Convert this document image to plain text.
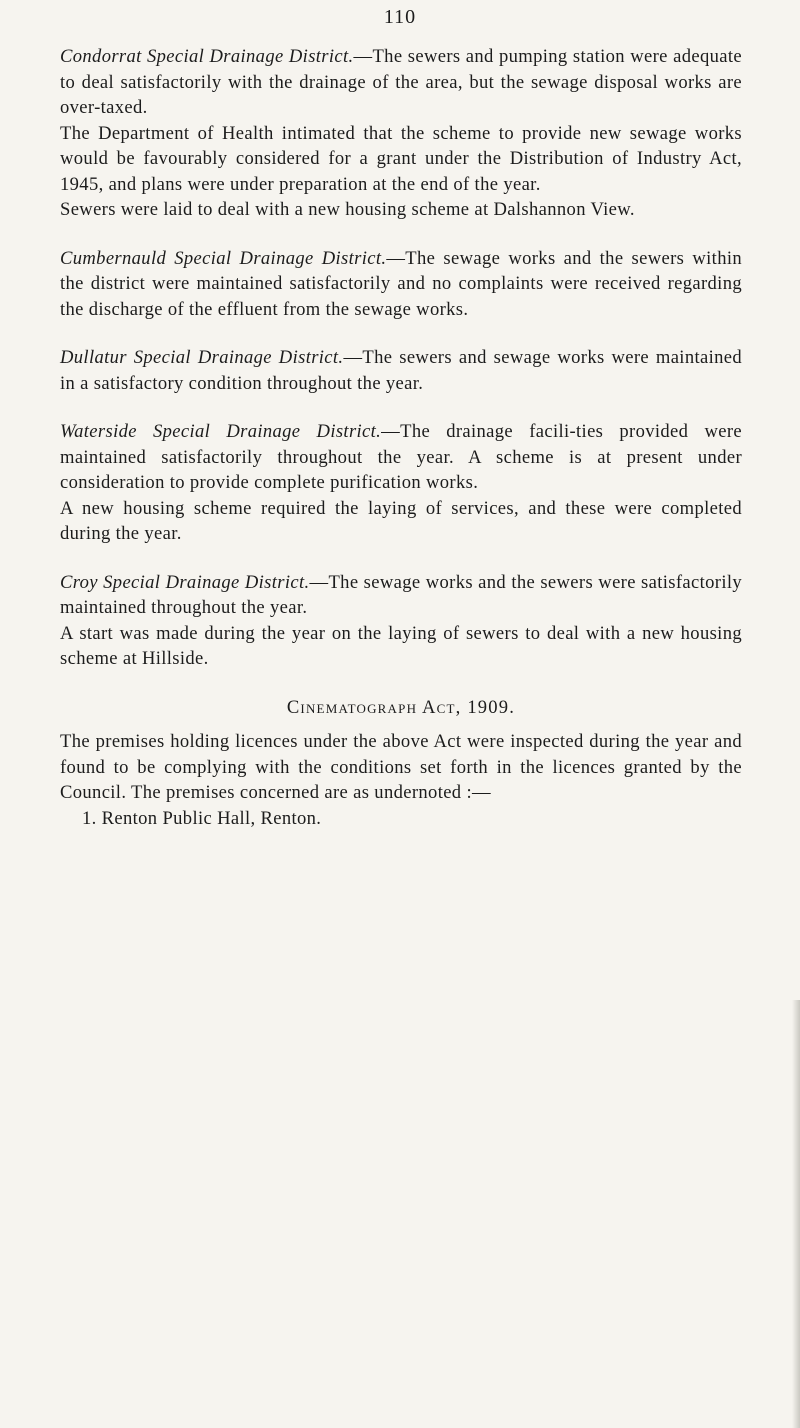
110

Condorrat Special Drainage District.—The sewers and pumping station were adequate to deal satisfactorily with the drainage of the area, but the sewage disposal works are over-taxed.

The Department of Health intimated that the scheme to provide new sewage works would be favourably considered for a grant under the Distribution of Industry Act, 1945, and plans were under preparation at the end of the year.

Sewers were laid to deal with a new housing scheme at Dalshannon View.

Cumbernauld Special Drainage District.—The sewage works and the sewers within the district were maintained satisfactorily and no complaints were received regarding the discharge of the effluent from the sewage works.

Dullatur Special Drainage District.—The sewers and sewage works were maintained in a satisfactory condition throughout the year.

Waterside Special Drainage District.—The drainage facili-ties provided were maintained satisfactorily throughout the year. A scheme is at present under consideration to provide complete purification works.

A new housing scheme required the laying of services, and these were completed during the year.

Croy Special Drainage District.—The sewage works and the sewers were satisfactorily maintained throughout the year.

A start was made during the year on the laying of sewers to deal with a new housing scheme at Hillside.

Cinematograph Act, 1909.

The premises holding licences under the above Act were inspected during the year and found to be complying with the conditions set forth in the licences granted by the Council. The premises concerned are as undernoted :—

1. Renton Public Hall, Renton.
